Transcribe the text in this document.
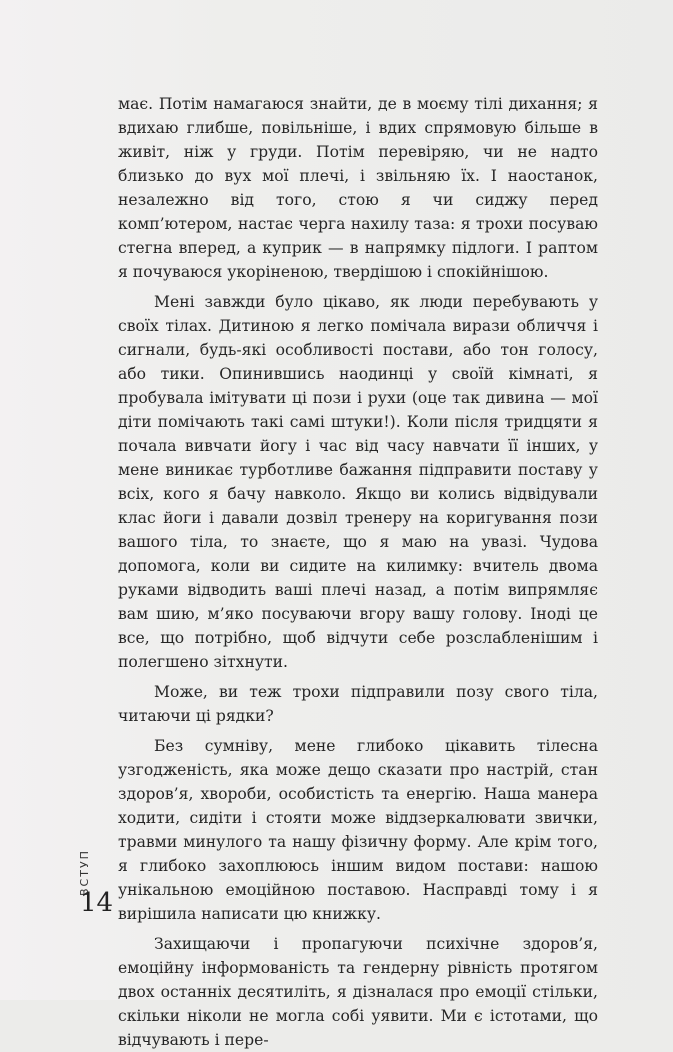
має. Потім намагаюся знайти, де в моєму тілі дихання; я вдихаю глибше, повільніше, і вдих спрямовую більше в живіт, ніж у груди. Потім перевіряю, чи не надто близько до вух мої плечі, і звільняю їх. І наостанок, незалежно від того, стою я чи сиджу перед комп’ютером, настає черга нахилу таза: я трохи посуваю стегна вперед, а куприк — в напрямку підлоги. І раптом я почуваюся укоріненою, твердішою і спокійнішою.

Мені завжди було цікаво, як люди перебувають у своїх тілах. Дитиною я легко помічала вирази обличчя і сигнали, будь-які особливості постави, або тон голосу, або тики. Опинившись наодинці у своїй кімнаті, я пробувала імітувати ці пози і рухи (оце так дивина — мої діти помічають такі самі штуки!). Коли після тридцяти я почала вивчати йогу і час від часу навчати її інших, у мене виникає турботливе бажання підправити поставу у всіх, кого я бачу навколо. Якщо ви колись відвідували клас йоги і давали дозвіл тренеру на коригування пози вашого тіла, то знаєте, що я маю на увазі. Чудова допомога, коли ви сидите на килимку: вчитель двома руками відводить ваші плечі назад, а потім випрямляє вам шию, м’яко посуваючи вгору вашу голову. Іноді це все, що потрібно, щоб відчути себе розслабленішим і полегшено зітхнути.

Може, ви теж трохи підправили позу свого тіла, читаючи ці рядки?

Без сумніву, мене глибоко цікавить тілесна узгодженість, яка може дещо сказати про настрій, стан здоров’я, хвороби, особистість та енергію. Наша манера ходити, сидіти і стояти може віддзеркалювати звички, травми минулого та нашу фізичну форму. Але крім того, я глибоко захоплююсь іншим видом постави: нашою унікальною емоційною поставою. Насправді тому і я вирішила написати цю книжку.

Захищаючи і пропагуючи психічне здоров’я, емоційну інформованість та гендерну рівність протягом двох останніх десятиліть, я дізналася про емоції стільки, скільки ніколи не могла собі уявити. Ми є істотами, що відчувають і пере-

ВСТУП
14
